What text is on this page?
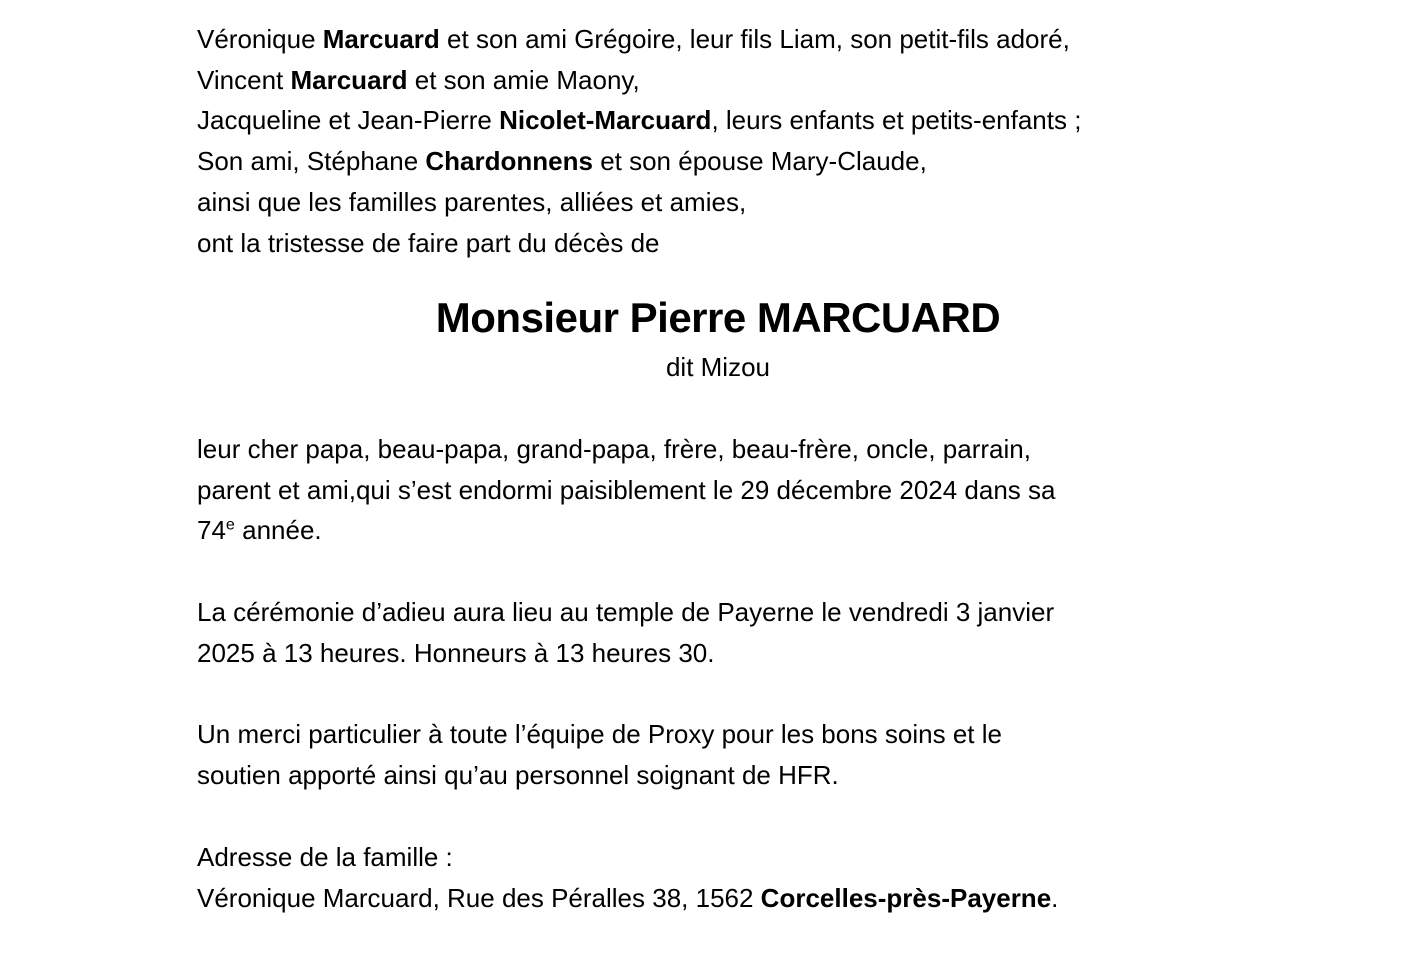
Véronique Marcuard et son ami Grégoire, leur fils Liam, son petit-fils adoré,
Vincent Marcuard et son amie Maony,
Jacqueline et Jean-Pierre Nicolet-Marcuard, leurs enfants et petits-enfants ;
Son ami, Stéphane Chardonnens et son épouse Mary-Claude,
ainsi que les familles parentes, alliées et amies,
ont la tristesse de faire part du décès de

Monsieur Pierre MARCUARD

dit Mizou

leur cher papa, beau-papa, grand-papa, frère, beau-frère, oncle, parrain,
parent et ami,qui s’est endormi paisiblement le 29 décembre 2024 dans sa
74e année.

La cérémonie d’adieu aura lieu au temple de Payerne le vendredi 3 janvier
2025 à 13 heures. Honneurs à 13 heures 30.

Un merci particulier à toute l’équipe de Proxy pour les bons soins et le
soutien apporté ainsi qu’au personnel soignant de HFR.

Adresse de la famille :
Véronique Marcuard, Rue des Péralles 38, 1562 Corcelles-près-Payerne.
